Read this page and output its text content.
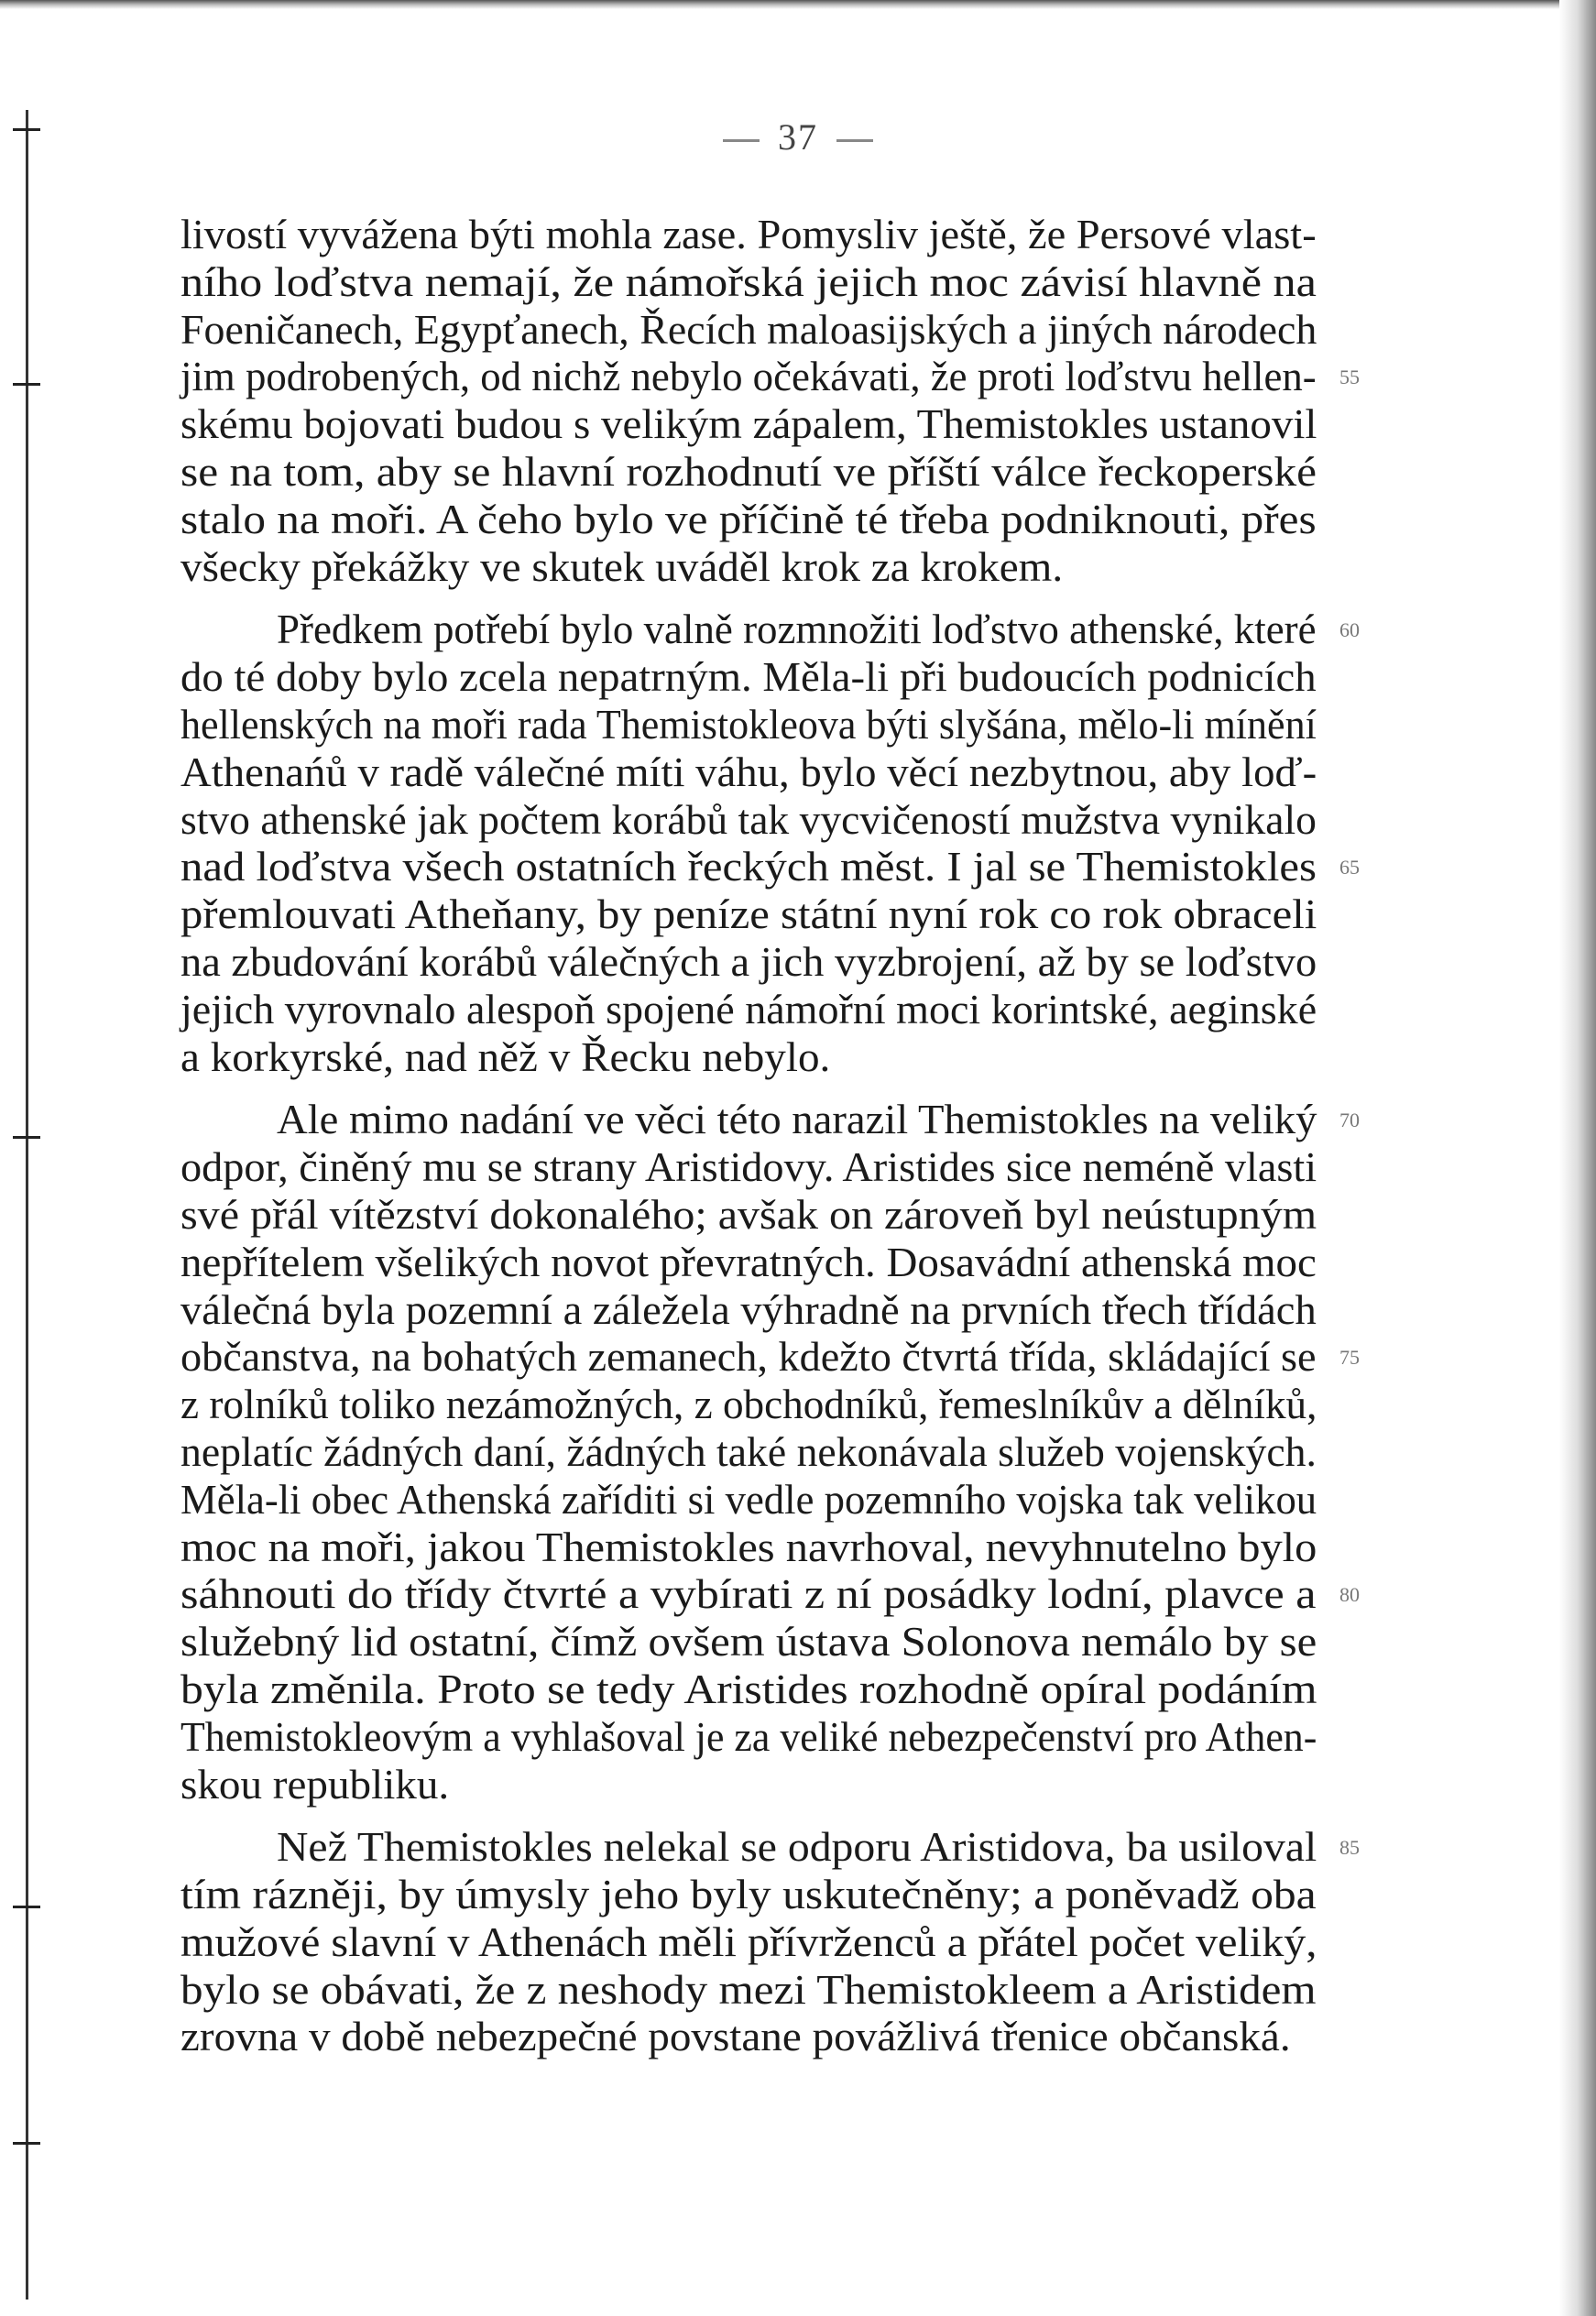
37
livostí vyvážena býti mohla zase. Pomysliv ještě, že Persové vlast-
ního loďstva nemají, že námořská jejich moc závisí hlavně na
Foeničanech, Egypťanech, Řecích maloasijských a jiných národech
jim podrobených, od nichž nebylo očekávati, že proti loďstvu hellen-
skému bojovati budou s velikým zápalem, Themistokles ustanovil
se na tom, aby se hlavní rozhodnutí ve příští válce řeckoperské
stalo na moři. A čeho bylo ve příčině té třeba podniknouti, přes
všecky překážky ve skutek uváděl krok za krokem.
Předkem potřebí bylo valně rozmnožiti loďstvo athenské, které
do té doby bylo zcela nepatrným. Měla-li při budoucích podnicích
hellenských na moři rada Themistokleova býti slyšána, mělo-li mínění
Athenańů v radě válečné míti váhu, bylo věcí nezbytnou, aby loď-
stvo athenské jak počtem korábů tak vycvičeností mužstva vynikalo
nad loďstva všech ostatních řeckých měst. I jal se Themistokles
přemlouvati Atheňany, by peníze státní nyní rok co rok obraceli
na zbudování korábů válečných a jich vyzbrojení, až by se loďstvo
jejich vyrovnalo alespoň spojené námořní moci korintské, aeginské
a korkyrské, nad něž v Řecku nebylo.
Ale mimo nadání ve věci této narazil Themistokles na veliký
odpor, činěný mu se strany Aristidovy. Aristides sice neméně vlasti
své přál vítězství dokonalého; avšak on zároveň byl neústupným
nepřítelem všelikých novot převratných. Dosavádní athenská moc
válečná byla pozemní a záležela výhradně na prvních třech třídách
občanstva, na bohatých zemanech, kdežto čtvrtá třída, skládající se
z rolníků toliko nezámožných, z obchodníků, řemeslníkův a dělníků,
neplatíc žádných daní, žádných také nekonávala služeb vojenských.
Měla-li obec Athenská zaříditi si vedle pozemního vojska tak velikou
moc na moři, jakou Themistokles navrhoval, nevyhnutelno bylo
sáhnouti do třídy čtvrté a vybírati z ní posádky lodní, plavce a
služebný lid ostatní, čímž ovšem ústava Solonova nemálo by se
byla změnila. Proto se tedy Aristides rozhodně opíral podáním
Themistokleovým a vyhlašoval je za veliké nebezpečenství pro Athen-
skou republiku.
Než Themistokles nelekal se odporu Aristidova, ba usiloval
tím rázněji, by úmysly jeho byly uskutečněny; a poněvadž oba
mužové slavní v Athenách měli přívrženců a přátel počet veliký,
bylo se obávati, že z neshody mezi Themistokleem a Aristidem
zrovna v době nebezpečné povstane povážlivá třenice občanská.
55
60
65
70
75
80
85
